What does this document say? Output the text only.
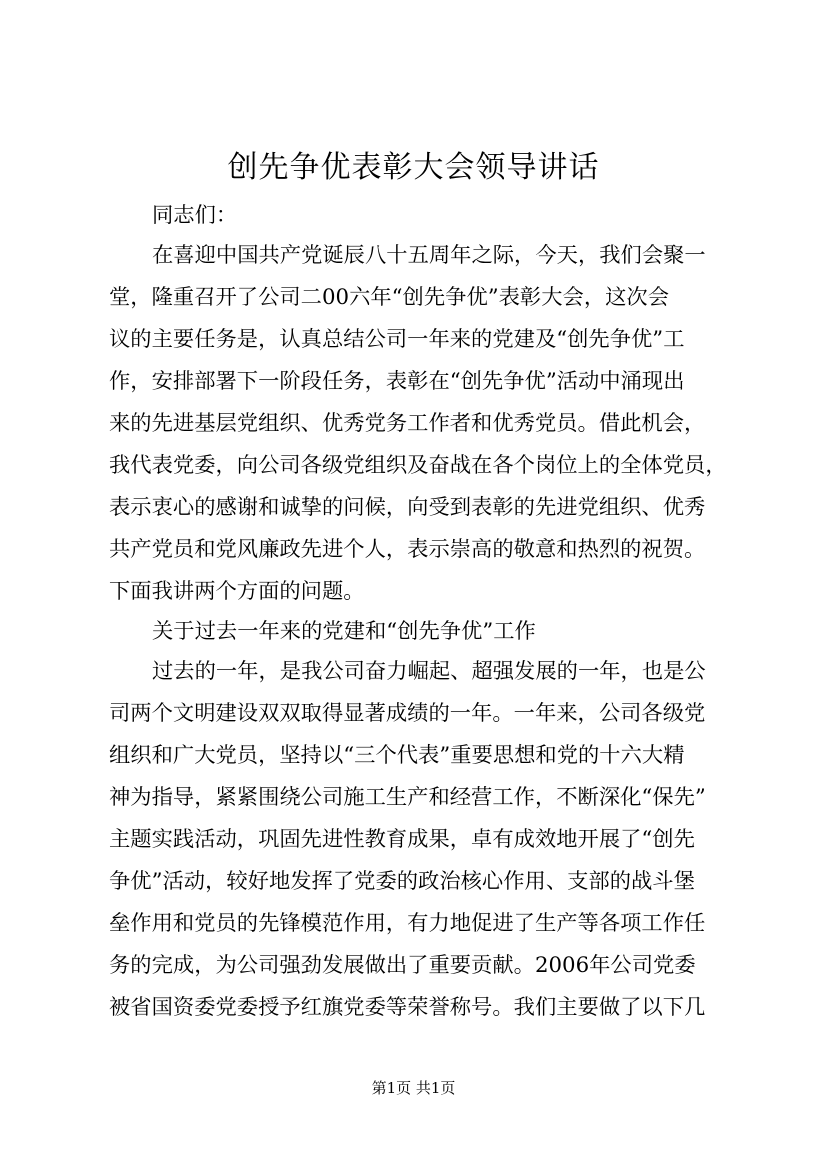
创先争优表彰大会领导讲话
同志们：
在喜迎中国共产党诞辰八十五周年之际，今天，我们会聚一
堂，隆重召开了公司二00六年“创先争优”表彰大会，这次会
议的主要任务是，认真总结公司一年来的党建及“创先争优”工
作，安排部署下一阶段任务，表彰在“创先争优”活动中涌现出
来的先进基层党组织、优秀党务工作者和优秀党员。借此机会，
我代表党委，向公司各级党组织及奋战在各个岗位上的全体党员，
表示衷心的感谢和诚挚的问候，向受到表彰的先进党组织、优秀
共产党员和党风廉政先进个人，表示崇高的敬意和热烈的祝贺。
下面我讲两个方面的问题。
关于过去一年来的党建和“创先争优”工作
过去的一年，是我公司奋力崛起、超强发展的一年，也是公
司两个文明建设双双取得显著成绩的一年。一年来，公司各级党
组织和广大党员，坚持以“三个代表”重要思想和党的十六大精
神为指导，紧紧围绕公司施工生产和经营工作，不断深化“保先”
主题实践活动，巩固先进性教育成果，卓有成效地开展了“创先
争优”活动，较好地发挥了党委的政治核心作用、支部的战斗堡
垒作用和党员的先锋模范作用，有力地促进了生产等各项工作任
务的完成，为公司强劲发展做出了重要贡献。2006年公司党委
被省国资委党委授予红旗党委等荣誉称号。我们主要做了以下几
第1页 共1页
